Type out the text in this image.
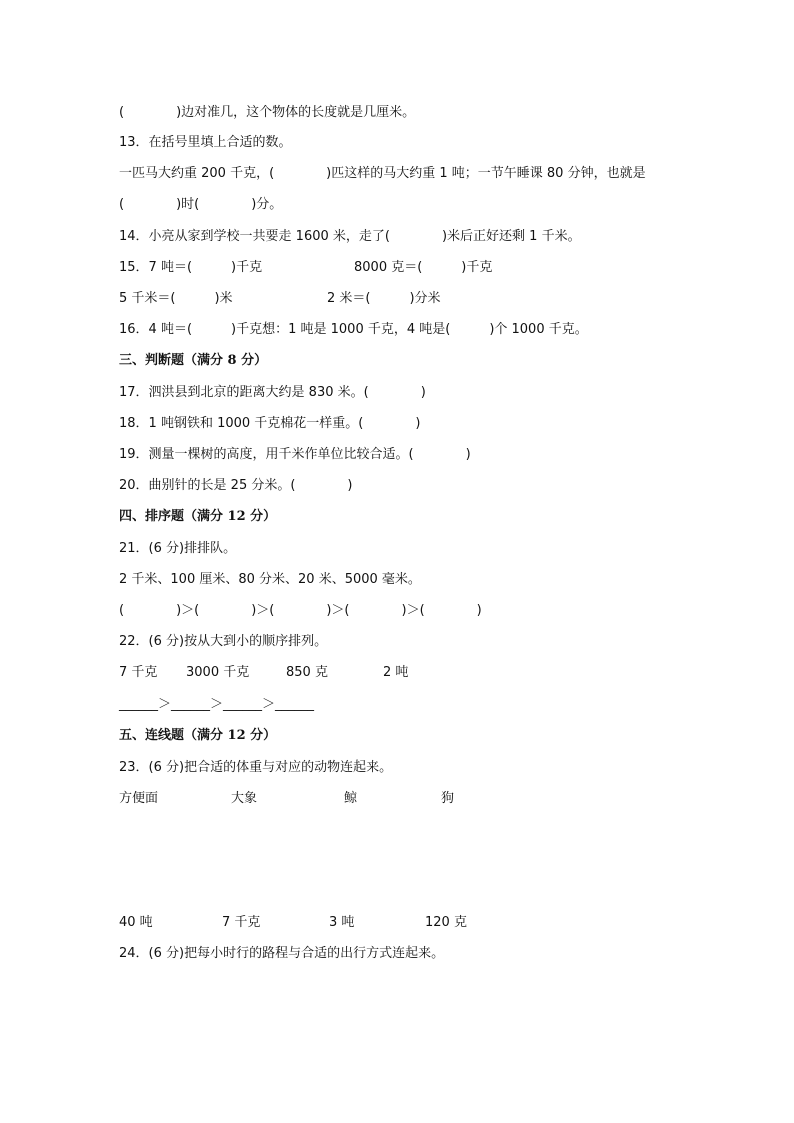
(　　　　)边对准几，这个物体的长度就是几厘米。
13．在括号里填上合适的数。
一匹马大约重 200 千克，(　　　　)匹这样的马大约重 1 吨；一节午睡课 80 分钟，也就是
(　　　　)时(　　　　)分。
14．小亮从家到学校一共要走 1600 米，走了(　　　　)米后正好还剩 1 千米。
15．7 吨＝(　　　)千克	8000 克＝(　　　)千克
5 千米＝(　　　)米	2 米＝(　　　)分米
16．4 吨＝(　　　)千克想：1 吨是 1000 千克，4 吨是(　　　)个 1000 千克。
三、判断题（满分 8 分）
17．泗洪县到北京的距离大约是 830 米。(　　　　)
18．1 吨钢铁和 1000 千克棉花一样重。(　　　　)
19．测量一棵树的高度，用千米作单位比较合适。(　　　　)
20．曲别针的长是 25 分米。(　　　　)
四、排序题（满分 12 分）
21．(6 分)排排队。
2 千米、100 厘米、80 分米、20 米、5000 毫米。
(　　　　)＞(　　　　)＞(　　　　)＞(　　　　)＞(　　　　)
22．(6 分)按从大到小的顺序排列。
7 千克 3000 千克	850 克	2 吨
______＞______＞______＞______
五、连线题（满分 12 分）
23．(6 分)把合适的体重与对应的动物连起来。
方便面	大象	鲸	狗
40 吨	7 千克	3 吨	120 克
24．(6 分)把每小时行的路程与合适的出行方式连起来。
